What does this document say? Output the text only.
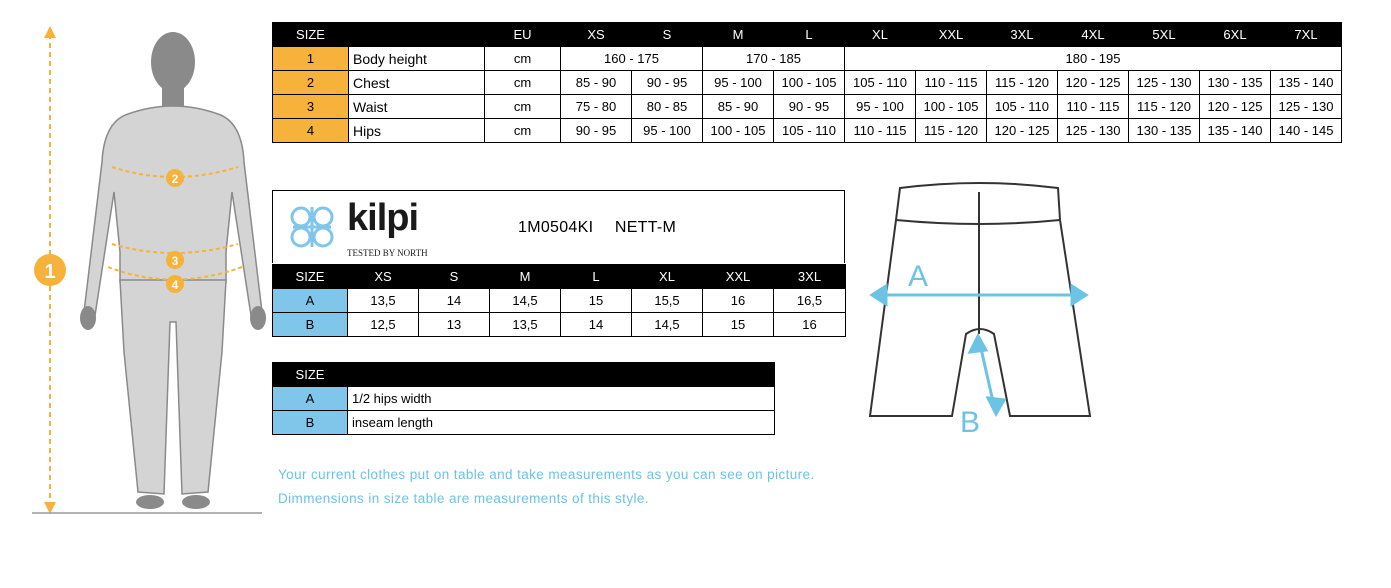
1
2
3
4
SIZE		EU	XS	S	M	L	XL	XXL	3XL	4XL	5XL	6XL	7XL
1	Body height	cm	160 - 175		170 - 185		180 - 195						
2	Chest	cm	85 - 90	90 - 95	95 - 100	100 - 105	105 - 110	110 - 115	115 - 120	120 - 125	125 - 130	130 - 135	135 - 140
3	Waist	cm	75 - 80	80 - 85	85 - 90	90 - 95	95 - 100	100 - 105	105 - 110	110 - 115	115 - 120	120 - 125	125 - 130
4	Hips	cm	90 - 95	95 - 100	100 - 105	105 - 110	110 - 115	115 - 120	120 - 125	125 - 130	130 - 135	135 - 140	140 - 145
kilpi
TESTED BY NORTH
1M0504KI NETT-M
SIZE	XS	S	M	L	XL	XXL	3XL
A	13,5	14	14,5	15	15,5	16	16,5
B	12,5	13	13,5	14	14,5	15	16
SIZE	
A	1/2 hips width
B	inseam length
A
B
Your current clothes put on table and take measurements as you can see on picture.
Dimmensions in size table are measurements of this style.
